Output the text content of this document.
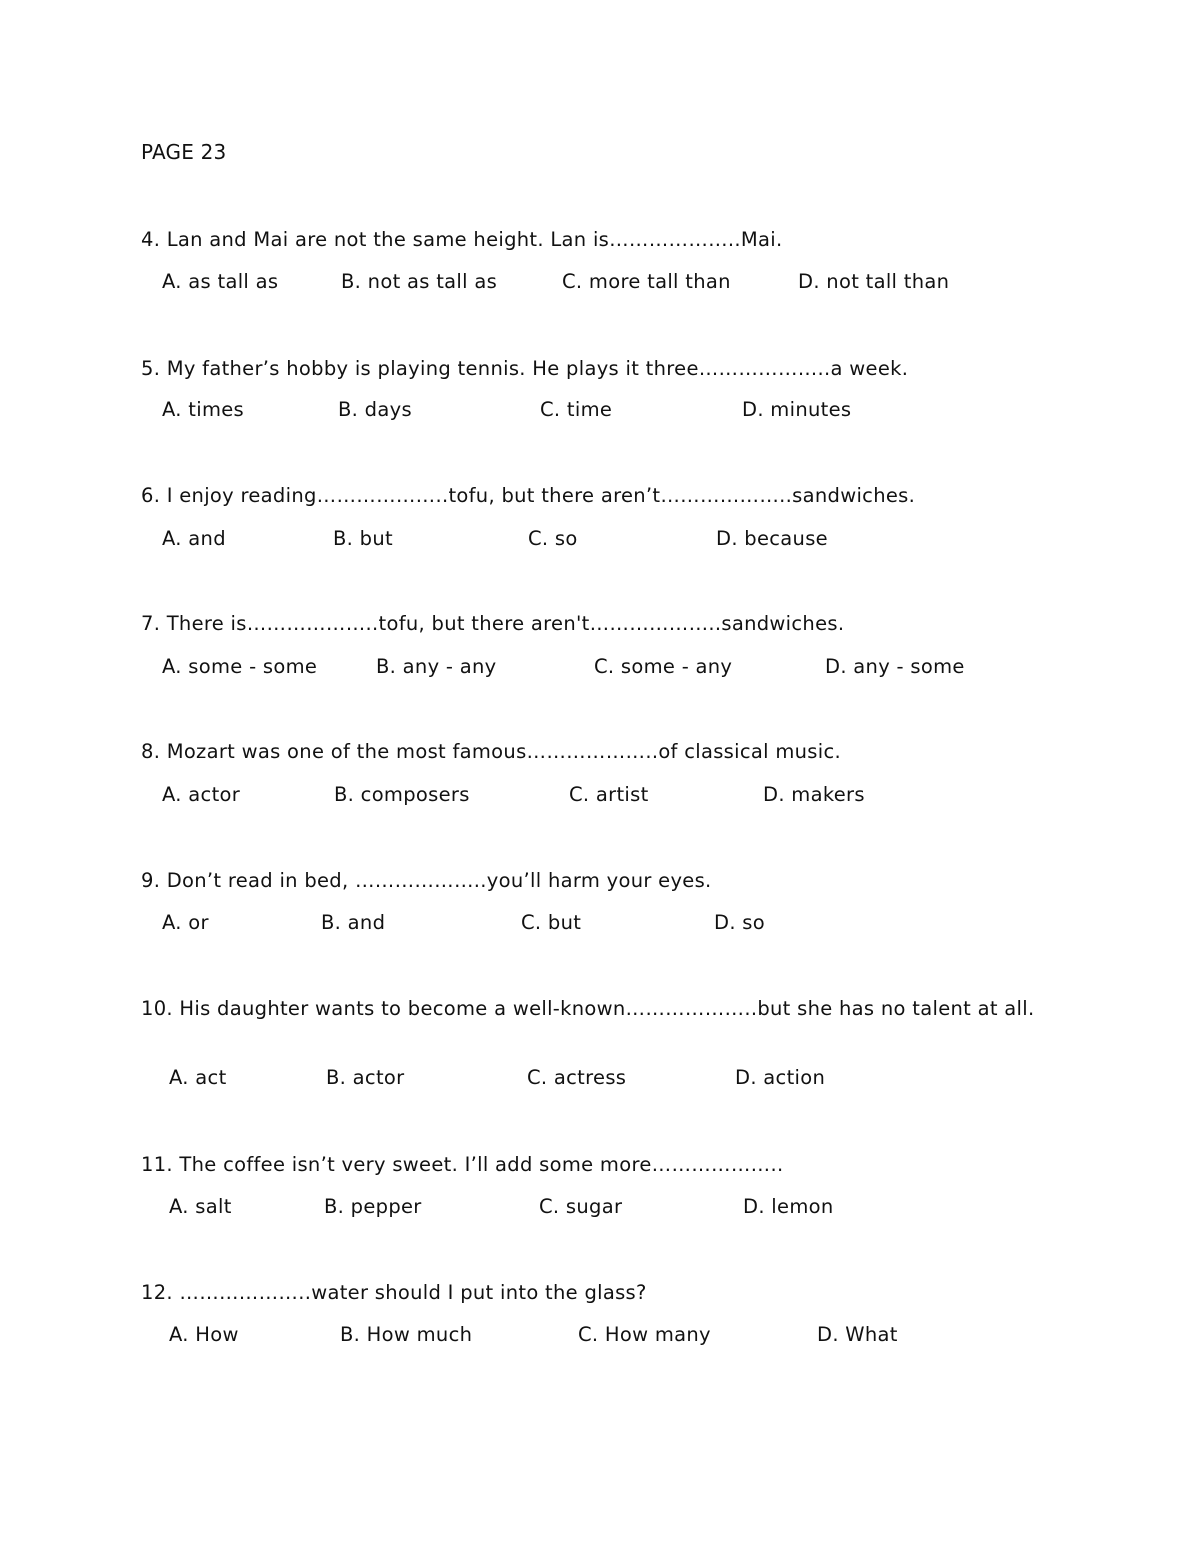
PAGE 23
4. Lan and Mai are not the same height. Lan is………………..Mai.
A. as tall as	B. not as tall as	C. more tall than	D. not tall than
5. My father’s hobby is playing tennis. He plays it three………………..a week.
A. times	B. days	C. time	D. minutes
6. I enjoy reading………………..tofu, but there aren’t………………..sandwiches.
A. and	B. but	C. so	D. because
7. There is………………..tofu, but there aren't………………..sandwiches.
A. some - some	B. any - any	C. some - any	D. any - some
8. Mozart was one of the most famous………………..of classical music.
A. actor	B. composers	C. artist	D. makers
9. Don’t read in bed, ………………..you’ll harm your eyes.
A. or	B. and	C. but	D. so
10. His daughter wants to become a well-known………………..but she has no talent at all.
A. act	B. actor	C. actress	D. action
11. The coffee isn’t very sweet. I’ll add some more………………..
A. salt	B. pepper	C. sugar	D. lemon
12. ………………..water should I put into the glass?
A. How	B. How much	C. How many	D. What
